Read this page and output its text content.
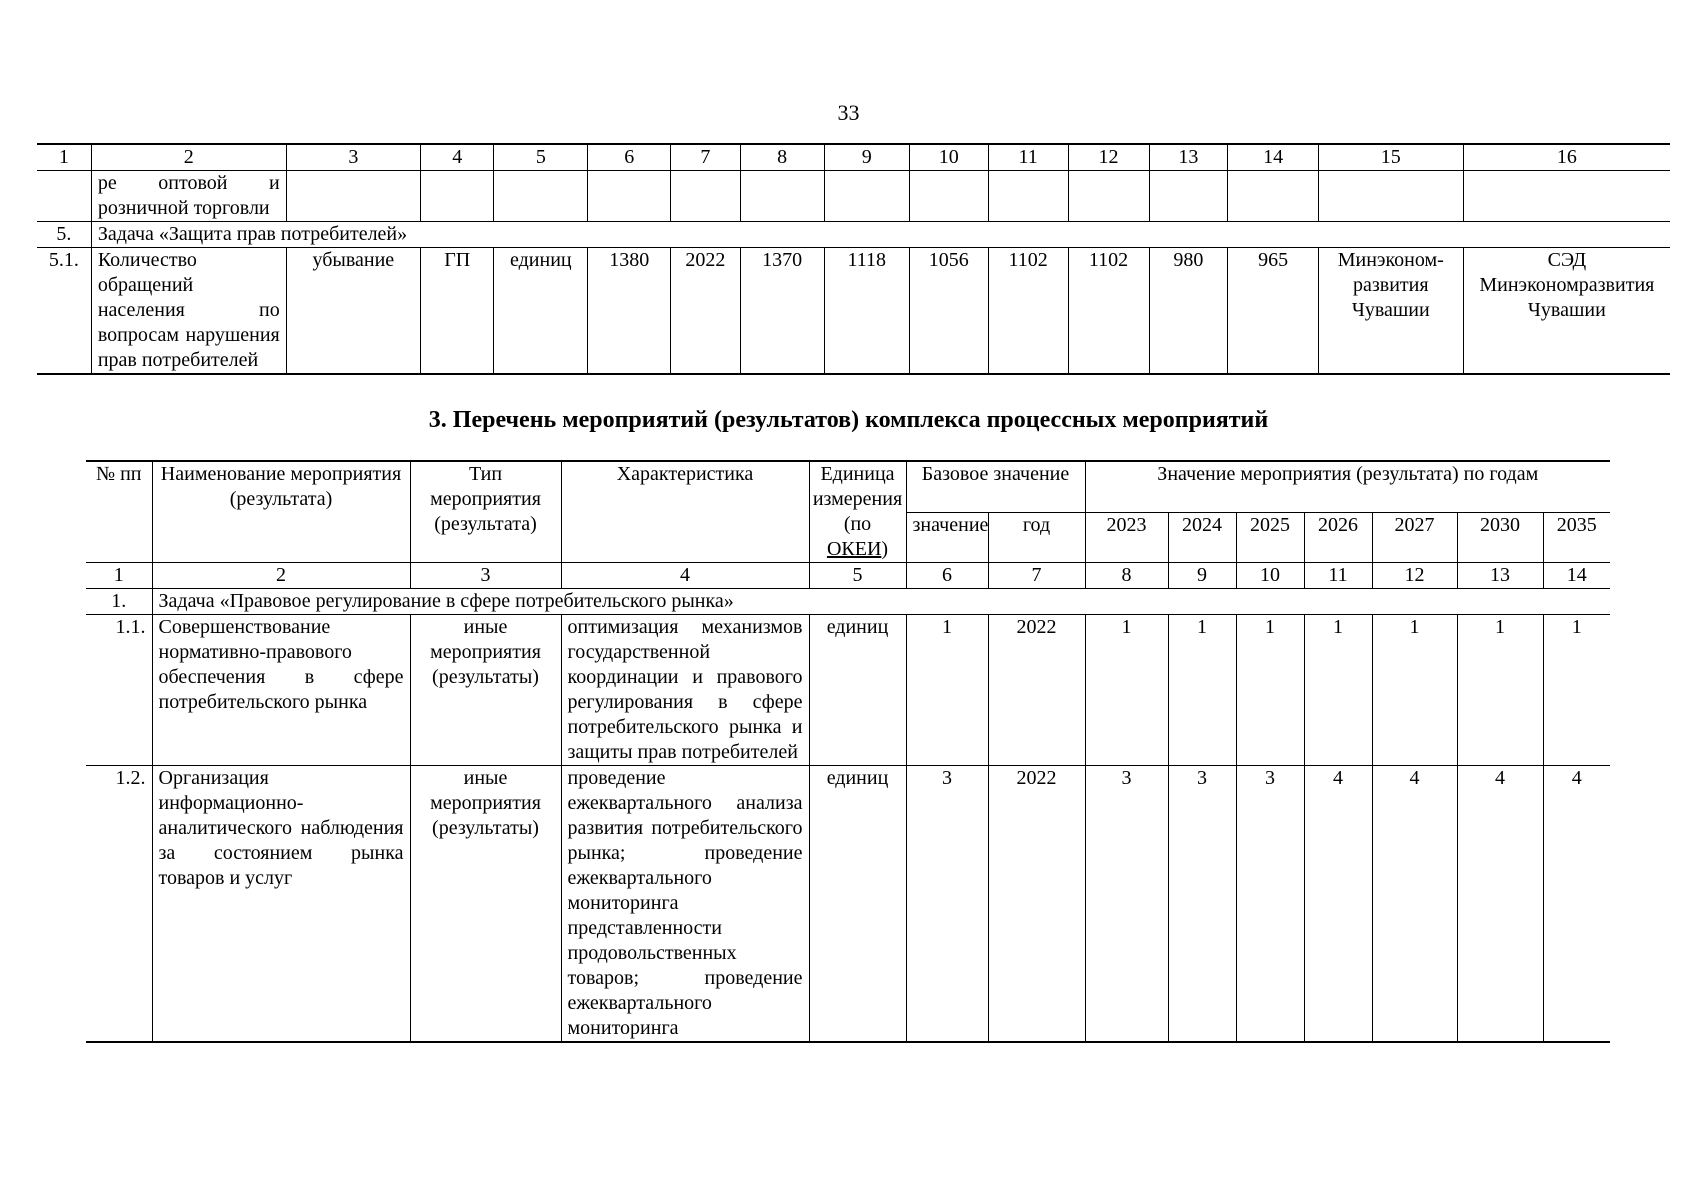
33
1	2	3	4	5	6	7	8	9	10	11	12	13	14	15	16
	ре оптовой и розничной торговли														
5.	Задача «Защита прав потребителей»														
5.1.	Количество обращений населения по вопросам нарушения прав потребителей	убывание	ГП	единиц	1380	2022	1370	1118	1056	1102	1102	980	965	Минэконом-развития Чувашии	СЭД Минэкономразвития Чувашии
3. Перечень мероприятий (результатов) комплекса процессных мероприятий
№ пп	Наименование мероприятия (результата)	Тип мероприятия (результата)	Характеристика	Единица измерения (по ОКЕИ)	Базовое значение		Значение мероприятия (результата) по годам						
					значение	год	2023	2024	2025	2026	2027	2030	2035
1	2	3	4	5	6	7	8	9	10	11	12	13	14
1.	Задача «Правовое регулирование в сфере потребительского рынка»												
1.1.	Совершенствование нормативно-правового обеспечения в сфере потребительского рынка	иные мероприятия (результаты)	оптимизация механизмов государственной координации и правового регулирования в сфере потребительского рынка и защиты прав потребителей	единиц	1	2022	1	1	1	1	1	1	1
1.2.	Организация информационно-аналитического наблюдения за состоянием рынка товаров и услуг	иные мероприятия (результаты)	проведение ежеквартального анализа развития потребительского рынка; проведение ежеквартального мониторинга представленности продовольственных товаров; проведение ежеквартального мониторинга	единиц	3	2022	3	3	3	4	4	4	4
